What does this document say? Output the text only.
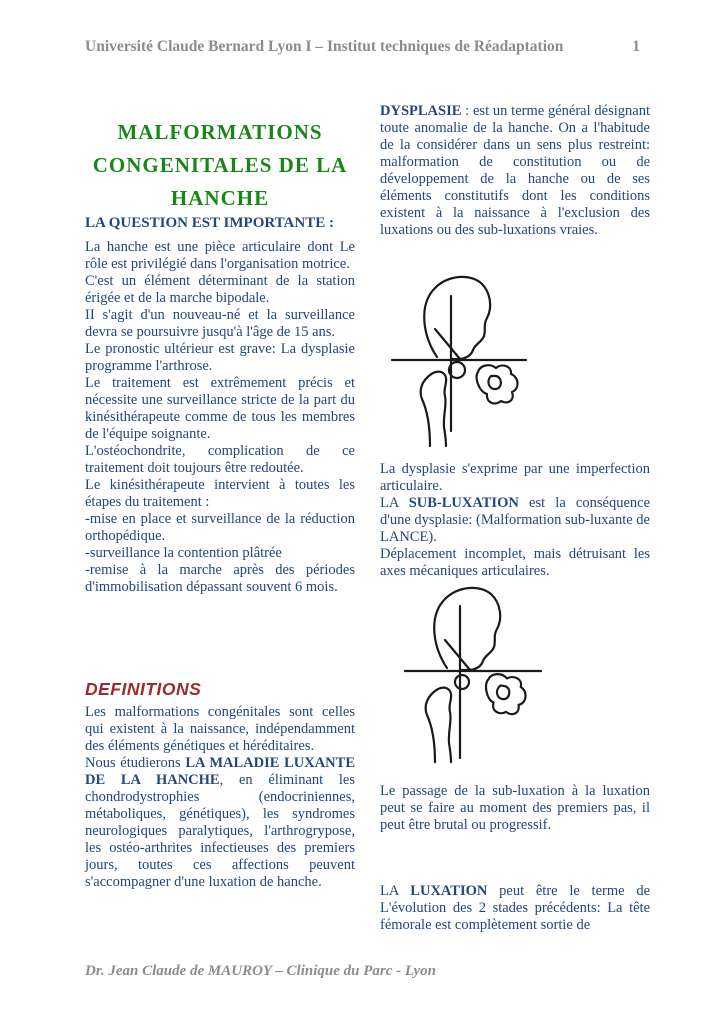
Université Claude Bernard Lyon I – Institut techniques de Réadaptation	1
MALFORMATIONS
CONGENITALES DE LA
HANCHE
LA QUESTION EST IMPORTANTE :

La hanche est une pièce articulaire dont Le rôle est privilégié dans l'organisation motrice.

C'est un élément déterminant de la station érigée et de la marche bipodale.

II s'agit d'un nouveau-né et la surveillance devra se poursuivre jusqu'à l'âge de 15 ans.

Le pronostic ultérieur est grave: La dysplasie programme l'arthrose.

Le traitement est extrêmement précis et nécessite une surveillance stricte de la part du kinésithérapeute comme de tous les membres de l'équipe soignante.

L'ostéochondrite, complication de ce traitement doit toujours être redoutée.

Le kinésithérapeute intervient à toutes les étapes du traitement :

-mise en place et surveillance de la réduction orthopédique.

-surveillance la contention plâtrée

-remise à la marche après des périodes d'immobilisation dépassant souvent 6 mois.

DEFINITIONS

Les malformations congénitales sont celles qui existent à la naissance, indépendamment des éléments génétiques et héréditaires.

Nous étudierons LA MALADIE LUXANTE DE LA HANCHE, en éliminant les chondrodystrophies (endocriniennes, métaboliques, génétiques), les syndromes neurologiques paralytiques, l'arthrogrypose, les ostéo-arthrites infectieuses des premiers jours, toutes ces affections peuvent s'accompagner d'une luxation de hanche.

DYSPLASIE : est un terme général désignant toute anomalie de la hanche. On a l'habitude de la considérer dans un sens plus restreint: malformation de constitution ou de développement de la hanche ou de ses éléments constitutifs dont les conditions existent à la naissance à l'exclusion des luxations ou des sub-luxations vraies.

La dysplasie s'exprime par une imperfection articulaire.

LA SUB-LUXATION est la conséquence d'une dysplasie: (Malformation sub-luxante de LANCE).

Déplacement incomplet, mais détruisant les axes mécaniques articulaires.

Le passage de la sub-luxation à la luxation peut se faire au moment des premiers pas, il peut être brutal ou progressif.

LA LUXATION peut être le terme de L'évolution des 2 stades précédents: La tête fémorale est complètement sortie de

Dr. Jean Claude de MAUROY – Clinique du Parc - Lyon
